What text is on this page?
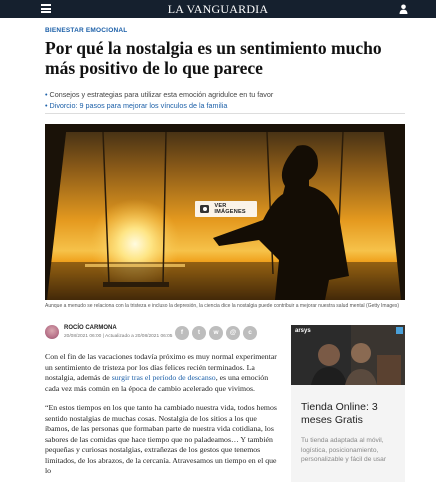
LA VANGUARDIA
BIENESTAR EMOCIONAL
Por qué la nostalgia es un sentimiento mucho más positivo de lo que parece
• Consejos y estrategias para utilizar esta emoción agridulce en tu favor
• Divorcio: 9 pasos para mejorar los vínculos de la familia
VER IMÁGENES
Aunque a menudo se relaciona con la tristeza e incluso la depresión, la ciencia dice la nostalgia puede contribuir a mejorar nuestra salud mental (Getty Images)
ROCÍO CARMONA
20/08/2021 06:00 | Actualizado a 20/08/2021 06:05
f	t	w	@	c

Con el fin de las vacaciones todavía próximo es muy normal experimentar un sentimiento de tristeza por los días felices recién terminados. La nostalgia, además de surgir tras el período de descanso, es una emoción cada vez más común en la época de cambio acelerado que vivimos.

“En estos tiempos en los que tanto ha cambiado nuestra vida, todos hemos sentido nostalgias de muchas cosas. Nostalgia de los sitios a los que íbamos, de las personas que formaban parte de nuestra vida cotidiana, los sabores de las comidas que hace tiempo que no paladeamos… Y también pequeñas y curiosas nostalgias, extrañezas de los gestos que tenemos limitados, de los abrazos, de la cercanía. Atravesamos un tiempo en el que lo

arsys
Tienda Online: 3 meses Gratis
Tu tienda adaptada al móvil, logística, posicionamiento, personalizable y fácil de usar
